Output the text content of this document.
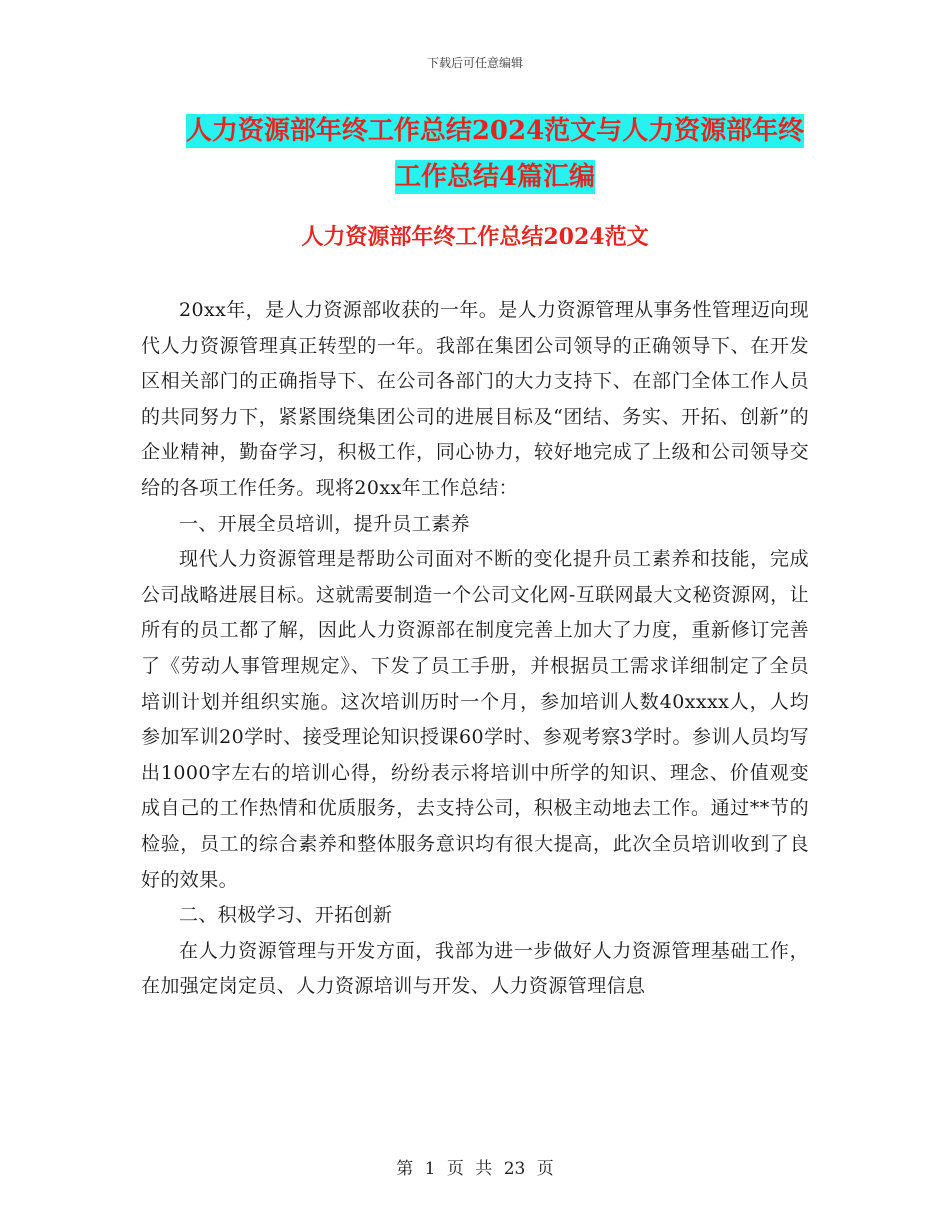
下载后可任意编辑
人力资源部年终工作总结2024范文与人力资源部年终
工作总结4篇汇编
人力资源部年终工作总结2024范文

20xx年，是人力资源部收获的一年。是人力资源管理从事务性管理迈向现代人力资源管理真正转型的一年。我部在集团公司领导的正确领导下、在开发区相关部门的正确指导下、在公司各部门的大力支持下、在部门全体工作人员的共同努力下，紧紧围绕集团公司的进展目标及“团结、务实、开拓、创新”的企业精神，勤奋学习，积极工作，同心协力，较好地完成了上级和公司领导交给的各项工作任务。现将20xx年工作总结：

一、开展全员培训，提升员工素养

现代人力资源管理是帮助公司面对不断的变化提升员工素养和技能，完成公司战略进展目标。这就需要制造一个公司文化网-互联网最大文秘资源网，让所有的员工都了解，因此人力资源部在制度完善上加大了力度，重新修订完善了《劳动人事管理规定》、下发了员工手册，并根据员工需求详细制定了全员培训计划并组织实施。这次培训历时一个月，参加培训人数40xxxx人，人均参加军训20学时、接受理论知识授课60学时、参观考察3学时。参训人员均写出1000字左右的培训心得，纷纷表示将培训中所学的知识、理念、价值观变成自己的工作热情和优质服务，去支持公司，积极主动地去工作。通过**节的检验，员工的综合素养和整体服务意识均有很大提高，此次全员培训收到了良好的效果。

二、积极学习、开拓创新

在人力资源管理与开发方面，我部为进一步做好人力资源管理基础工作，在加强定岗定员、人力资源培训与开发、人力资源管理信息

第 1 页 共 23 页
